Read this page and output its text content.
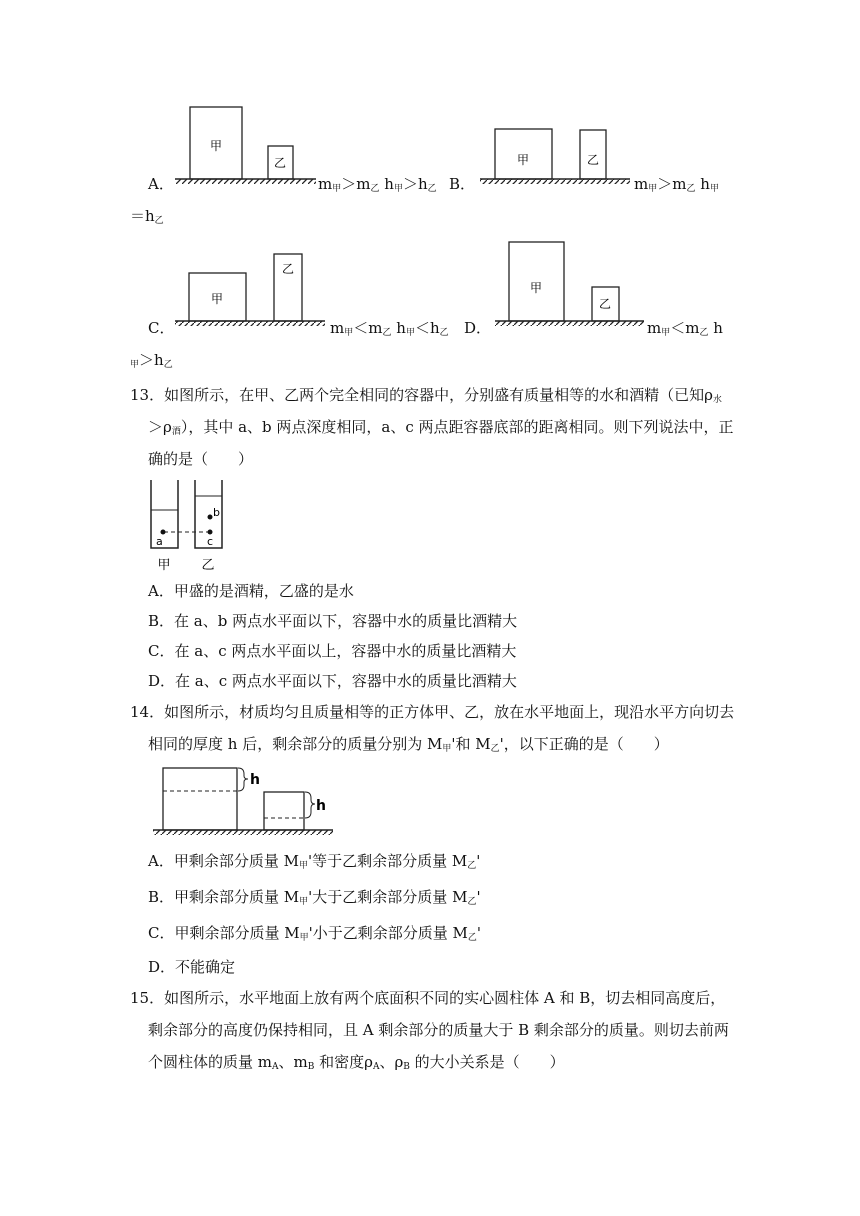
甲
乙
A．	$m_甲>m_乙$ $h_甲>h_乙$ B．
甲	乙
$m_甲>m_乙$ $h_甲$
$=h_乙$
甲
乙
C．	$m_甲<m_乙$ $h_甲<h_乙$ D．
甲
乙
$m_甲<m_乙$ h
$_甲>h_乙$
13．如图所示，在甲、乙两个完全相同的容器中，分别盛有质量相等的水和酒精（已知$\rho_水$
$>\rho_酒$），其中 a、b 两点深度相同，a、c 两点距容器底部的距离相同。则下列说法中，正
确的是（　　）
a	c
b
甲 乙
A．甲盛的是酒精，乙盛的是水
B．在 a、b 两点水平面以下，容器中水的质量比酒精大
C．在 a、c 两点水平面以上，容器中水的质量比酒精大
D．在 a、c 两点水平面以下，容器中水的质量比酒精大
14．如图所示，材质均匀且质量相等的正方体甲、乙，放在水平地面上，现沿水平方向切去
相同的厚度 h 后，剩余部分的质量分别为 $M_甲'$和 $M_乙'$，以下正确的是（　　）
h
h
A．甲剩余部分质量 $M_甲'$等于乙剩余部分质量 $M_乙'$
B．甲剩余部分质量 $M_甲'$大于乙剩余部分质量 $M_乙'$
C．甲剩余部分质量 $M_甲'$小于乙剩余部分质量 $M_乙'$
D．不能确定
15．如图所示，水平地面上放有两个底面积不同的实心圆柱体 A 和 B，切去相同高度后，
剩余部分的高度仍保持相同，且 A 剩余部分的质量大于 B 剩余部分的质量。则切去前两
个圆柱体的质量 $m_A$、$m_B$ 和密度$\rho_A$、$\rho_B$ 的大小关系是（　　）
